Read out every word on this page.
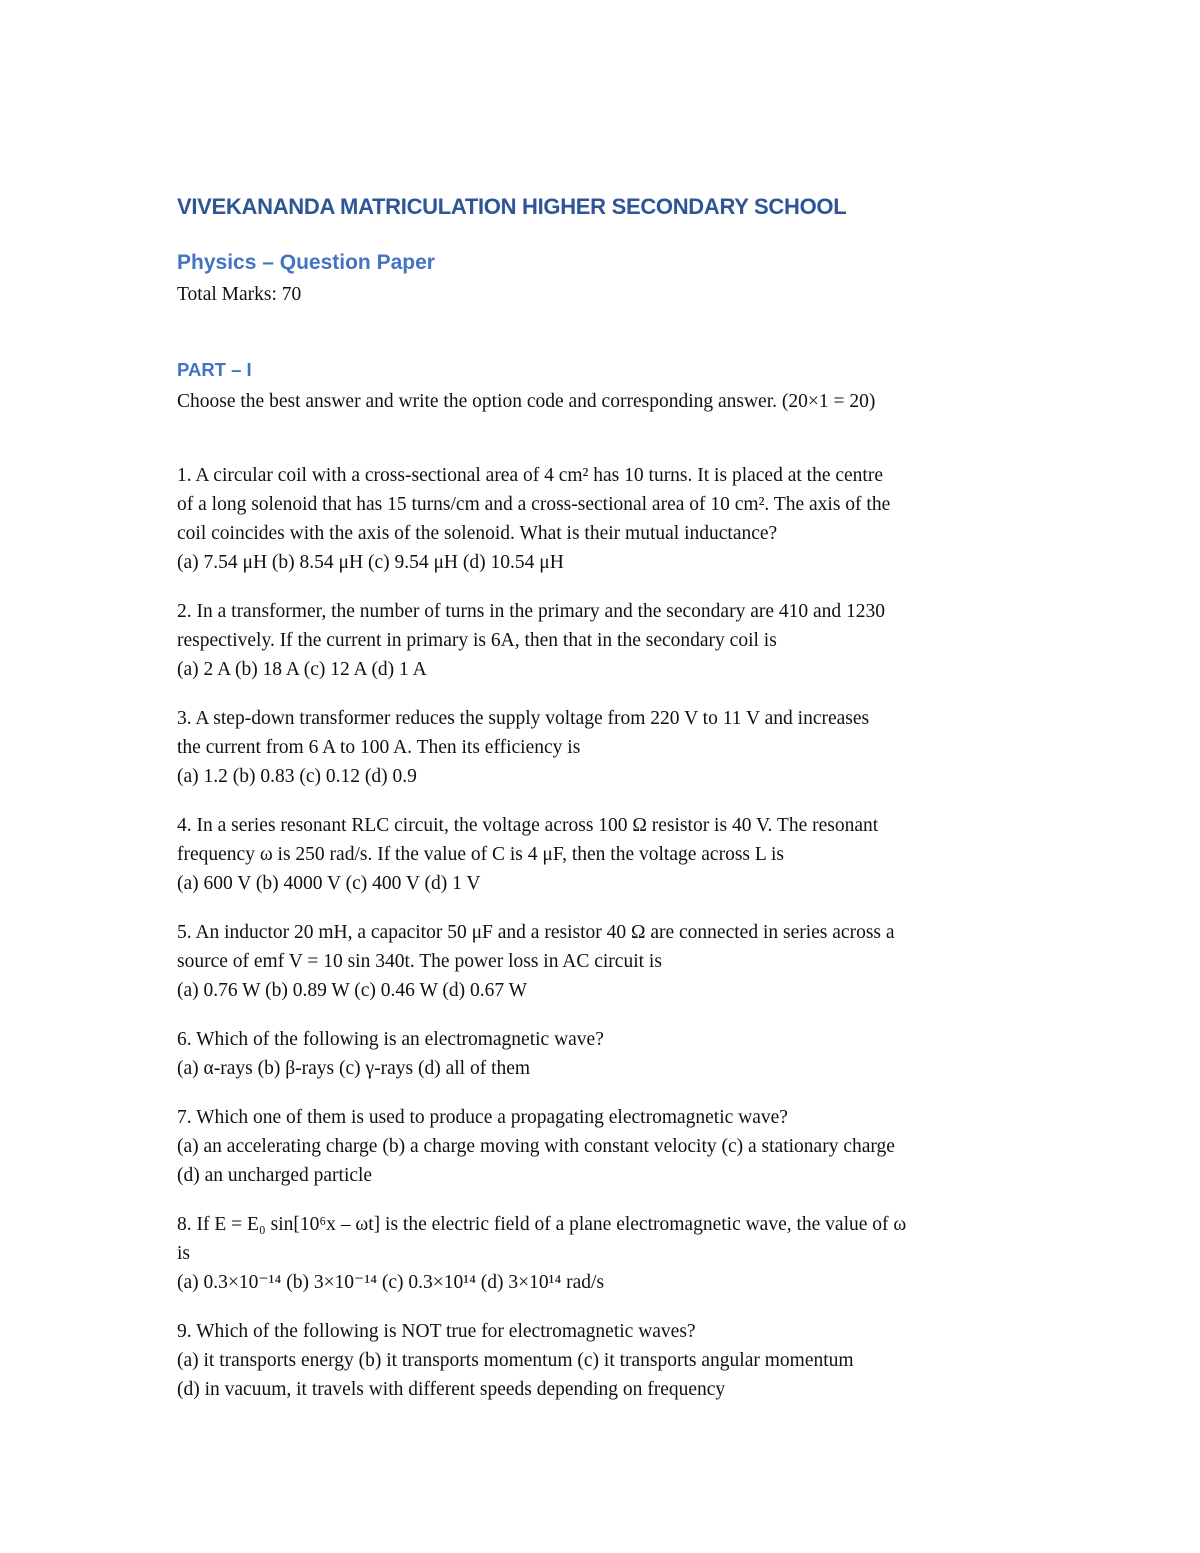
VIVEKANANDA MATRICULATION HIGHER SECONDARY SCHOOL
Physics – Question Paper

Total Marks: 70

PART – I

Choose the best answer and write the option code and corresponding answer. (20×1 = 20)

1. A circular coil with a cross-sectional area of 4 cm² has 10 turns. It is placed at the centre
of a long solenoid that has 15 turns/cm and a cross-sectional area of 10 cm². The axis of the
coil coincides with the axis of the solenoid. What is their mutual inductance?

(a) 7.54 μH (b) 8.54 μH (c) 9.54 μH (d) 10.54 μH

2. In a transformer, the number of turns in the primary and the secondary are 410 and 1230
respectively. If the current in primary is 6A, then that in the secondary coil is

(a) 2 A (b) 18 A (c) 12 A (d) 1 A

3. A step-down transformer reduces the supply voltage from 220 V to 11 V and increases
the current from 6 A to 100 A. Then its efficiency is

(a) 1.2 (b) 0.83 (c) 0.12 (d) 0.9

4. In a series resonant RLC circuit, the voltage across 100 Ω resistor is 40 V. The resonant
frequency ω is 250 rad/s. If the value of C is 4 μF, then the voltage across L is

(a) 600 V (b) 4000 V (c) 400 V (d) 1 V

5. An inductor 20 mH, a capacitor 50 μF and a resistor 40 Ω are connected in series across a
source of emf V = 10 sin 340t. The power loss in AC circuit is

(a) 0.76 W (b) 0.89 W (c) 0.46 W (d) 0.67 W

6. Which of the following is an electromagnetic wave?

(a) α-rays (b) β-rays (c) γ-rays (d) all of them

7. Which one of them is used to produce a propagating electromagnetic wave?

(a) an accelerating charge (b) a charge moving with constant velocity (c) a stationary charge
(d) an uncharged particle

8. If E = E₀ sin[10⁶x – ωt] is the electric field of a plane electromagnetic wave, the value of ω
is

(a) 0.3×10⁻¹⁴ (b) 3×10⁻¹⁴ (c) 0.3×10¹⁴ (d) 3×10¹⁴ rad/s

9. Which of the following is NOT true for electromagnetic waves?

(a) it transports energy (b) it transports momentum (c) it transports angular momentum
(d) in vacuum, it travels with different speeds depending on frequency
